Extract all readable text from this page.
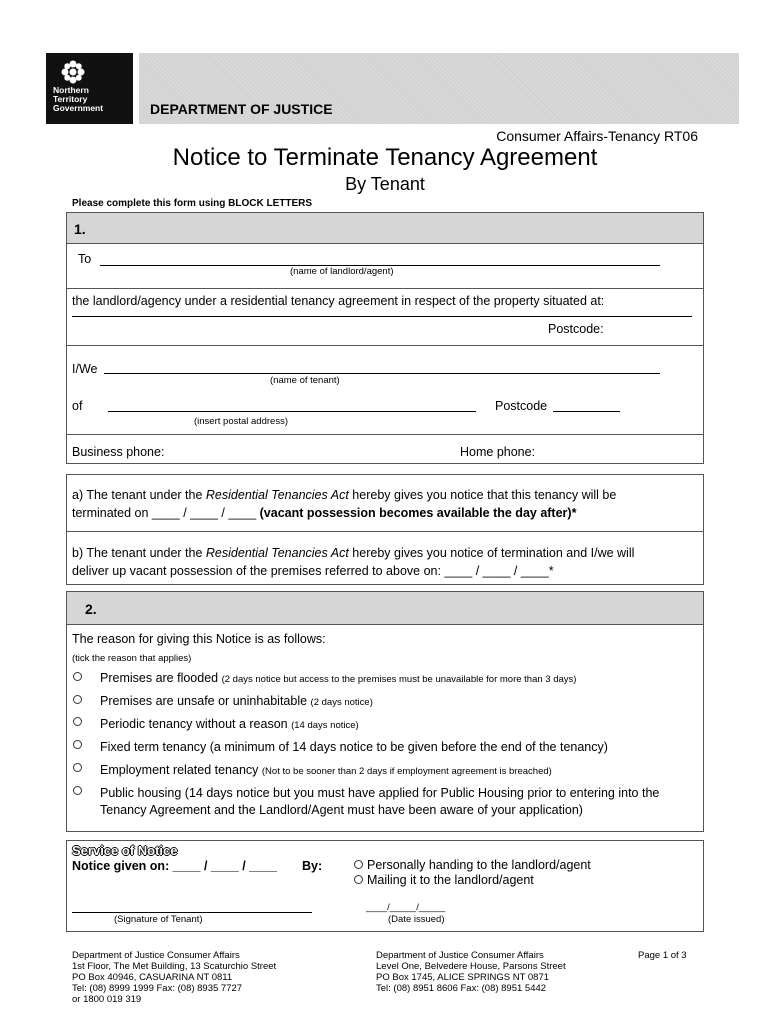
Northern
Territory
Government	DEPARTMENT OF JUSTICE
Consumer Affairs-Tenancy RT06
Notice to Terminate Tenancy Agreement
By Tenant
Please complete this form using BLOCK LETTERS
1.
To
(name of landlord/agent)
the landlord/agency under a residential tenancy agreement in respect of the property situated at:
Postcode:
I/We
(name of tenant)
of	Postcode
(insert postal address)
Business phone:	Home phone:
a) The tenant under the Residential Tenancies Act hereby gives you notice that this tenancy will be
terminated on ____ / ____ / ____ (vacant possession becomes available the day after)*
b) The tenant under the Residential Tenancies Act hereby gives you notice of termination and I/we will
deliver up vacant possession of the premises referred to above on: ____ / ____ / ____*
2.
The reason for giving this Notice is as follows:
(tick the reason that applies)
Premises are flooded (2 days notice but access to the premises must be unavailable for more than 3 days)
Premises are unsafe or uninhabitable (2 days notice)
Periodic tenancy without a reason (14 days notice)
Fixed term tenancy (a minimum of 14 days notice to be given before the end of the tenancy)
Employment related tenancy (Not to be sooner than 2 days if employment agreement is breached)
Public housing (14 days notice but you must have applied for Public Housing prior to entering into the
Tenancy Agreement and the Landlord/Agent must have been aware of your application)
Service of Notice
Notice given on: ____ / ____ / ____ By:	Personally handing to the landlord/agent
Mailing it to the landlord/agent
(Signature of Tenant)
____/_____/_____
(Date issued)
Department of Justice Consumer Affairs
1st Floor, The Met Building, 13 Scaturchio Street
PO Box 40946, CASUARINA NT 0811
Tel: (08) 8999 1999 Fax: (08) 8935 7727
or 1800 019 319
Department of Justice Consumer Affairs
Level One, Belvedere House, Parsons Street
PO Box 1745, ALICE SPRINGS NT 0871
Tel: (08) 8951 8606 Fax: (08) 8951 5442
Page 1 of 3
